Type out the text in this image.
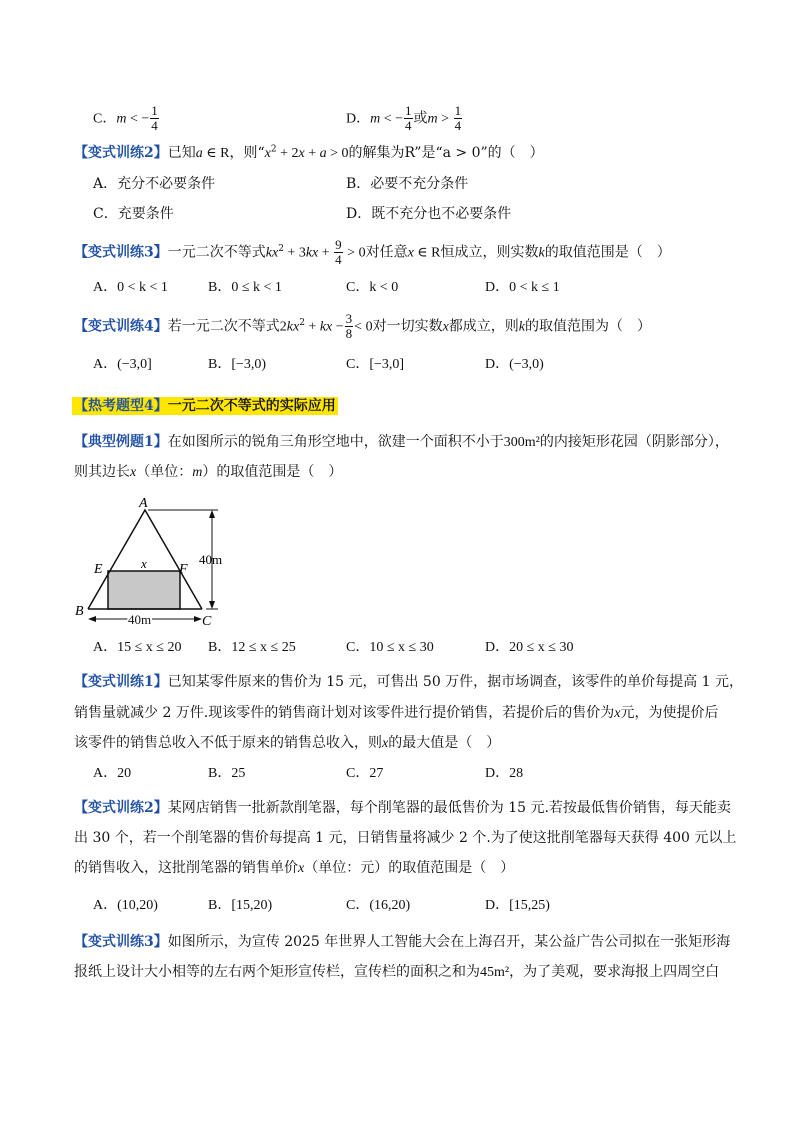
C．m < − $\frac{1}{4}$	D．m < − $\frac{1}{4}$ 或$m > \frac{1}{4}$
【变式训练2】已知a ∈ R，则“$x^2 + 2x + a > 0$的解集为R”是“a > 0”的（　）
A．充分不必要条件	B．必要不充分条件
C．充要条件	D．既不充分也不必要条件
【变式训练3】一元二次不等式$kx^2 + 3kx + \frac{9}{4} > 0$对任意x ∈ R恒成立，则实数k的取值范围是（　）
A．0 < k < 1	B．0 ≤ k < 1	C．k < 0	D．0 < k ≤ 1
【变式训练4】若一元二次不等式$2kx^2$ + kx − $\frac{3}{8} < 0$对一切实数x都成立，则k的取值范围为（　）
A．(−3,0]	B．[−3,0)	C．[−3,0]	D．(−3,0)
【热考题型4】一元二次不等式的实际应用
【典型例题1】在如图所示的锐角三角形空地中，欲建一个面积不小于300m²的内接矩形花园（阴影部分），
则其边长x（单位：m）的取值范围是（　）
A
E	F
x
B
C
40m
40m
A．15 ≤ x ≤ 20 B．12 ≤ x ≤ 25	C．10 ≤ x ≤ 30	D．20 ≤ x ≤ 30
【变式训练1】已知某零件原来的售价为 15 元，可售出 50 万件，据市场调查，该零件的单价每提高 1 元，
销售量就减少 2 万件.现该零件的销售商计划对该零件进行提价销售，若提价后的售价为x元，为使提价后
该零件的销售总收入不低于原来的销售总收入，则x的最大值是（　）
A．20	B．25	C．27	D．28
【变式训练2】某网店销售一批新款削笔器，每个削笔器的最低售价为 15 元.若按最低售价销售，每天能卖
出 30 个，若一个削笔器的售价每提高 1 元，日销售量将减少 2 个.为了使这批削笔器每天获得 400 元以上
的销售收入，这批削笔器的销售单价x（单位：元）的取值范围是（　）
A．(10,20)	B．[15,20)	C．(16,20)	D．[15,25)
【变式训练3】如图所示，为宣传 2025 年世界人工智能大会在上海召开，某公益广告公司拟在一张矩形海
报纸上设计大小相等的左右两个矩形宣传栏，宣传栏的面积之和为45m²，为了美观，要求海报上四周空白
